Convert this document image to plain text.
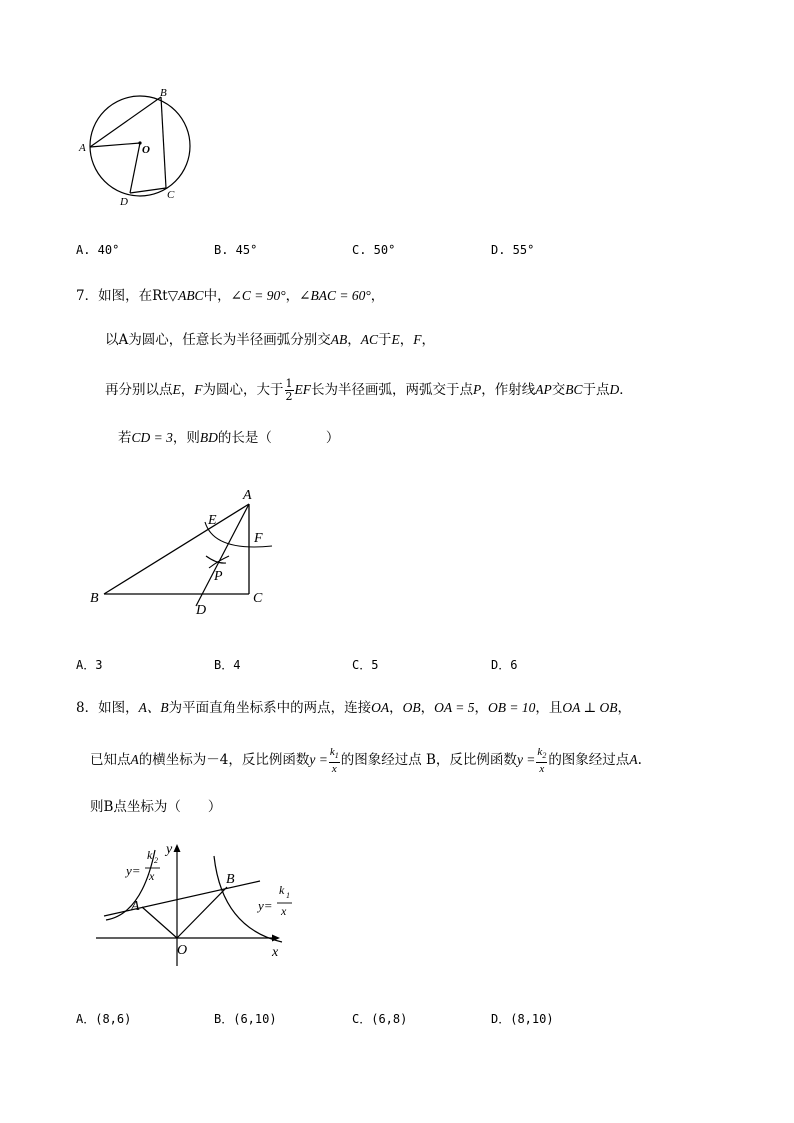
A
B
O
C
D
A. 40°	B. 45°	C. 50°	D. 55°
7．如图，在Rt▽ABC中，∠C = 90°，∠BAC = 60°，
以A为圆心，任意长为半径画弧分别交AB，AC于E，F，
再分别以点E，F为圆心，大于 $\frac{1}{2}$ EF长为半径画弧，两弧交于点P，作射线AP交BC于点D．
若CD = 3，则BD的长是（　　　　）
A
E
F
P
B	C
D
A．3	B．4	C．5	D．6
8．如图，A、B为平面直角坐标系中的两点，连接OA，OB，OA = 5，OB = 10，且OA ⊥ OB，
已知点A的横坐标为－4，反比例函数$y = \frac{k_1}{x}$ 的图象经过点 B，反比例函数$y = \frac{k_2}{x}$ 的图象经过点A.
则B点坐标为（　　）
y
x
O
A
B
y=
k 2
x
y=
k 1
x
A．(8,6)	B．(6,10)	C．(6,8)	D．(8,10)
